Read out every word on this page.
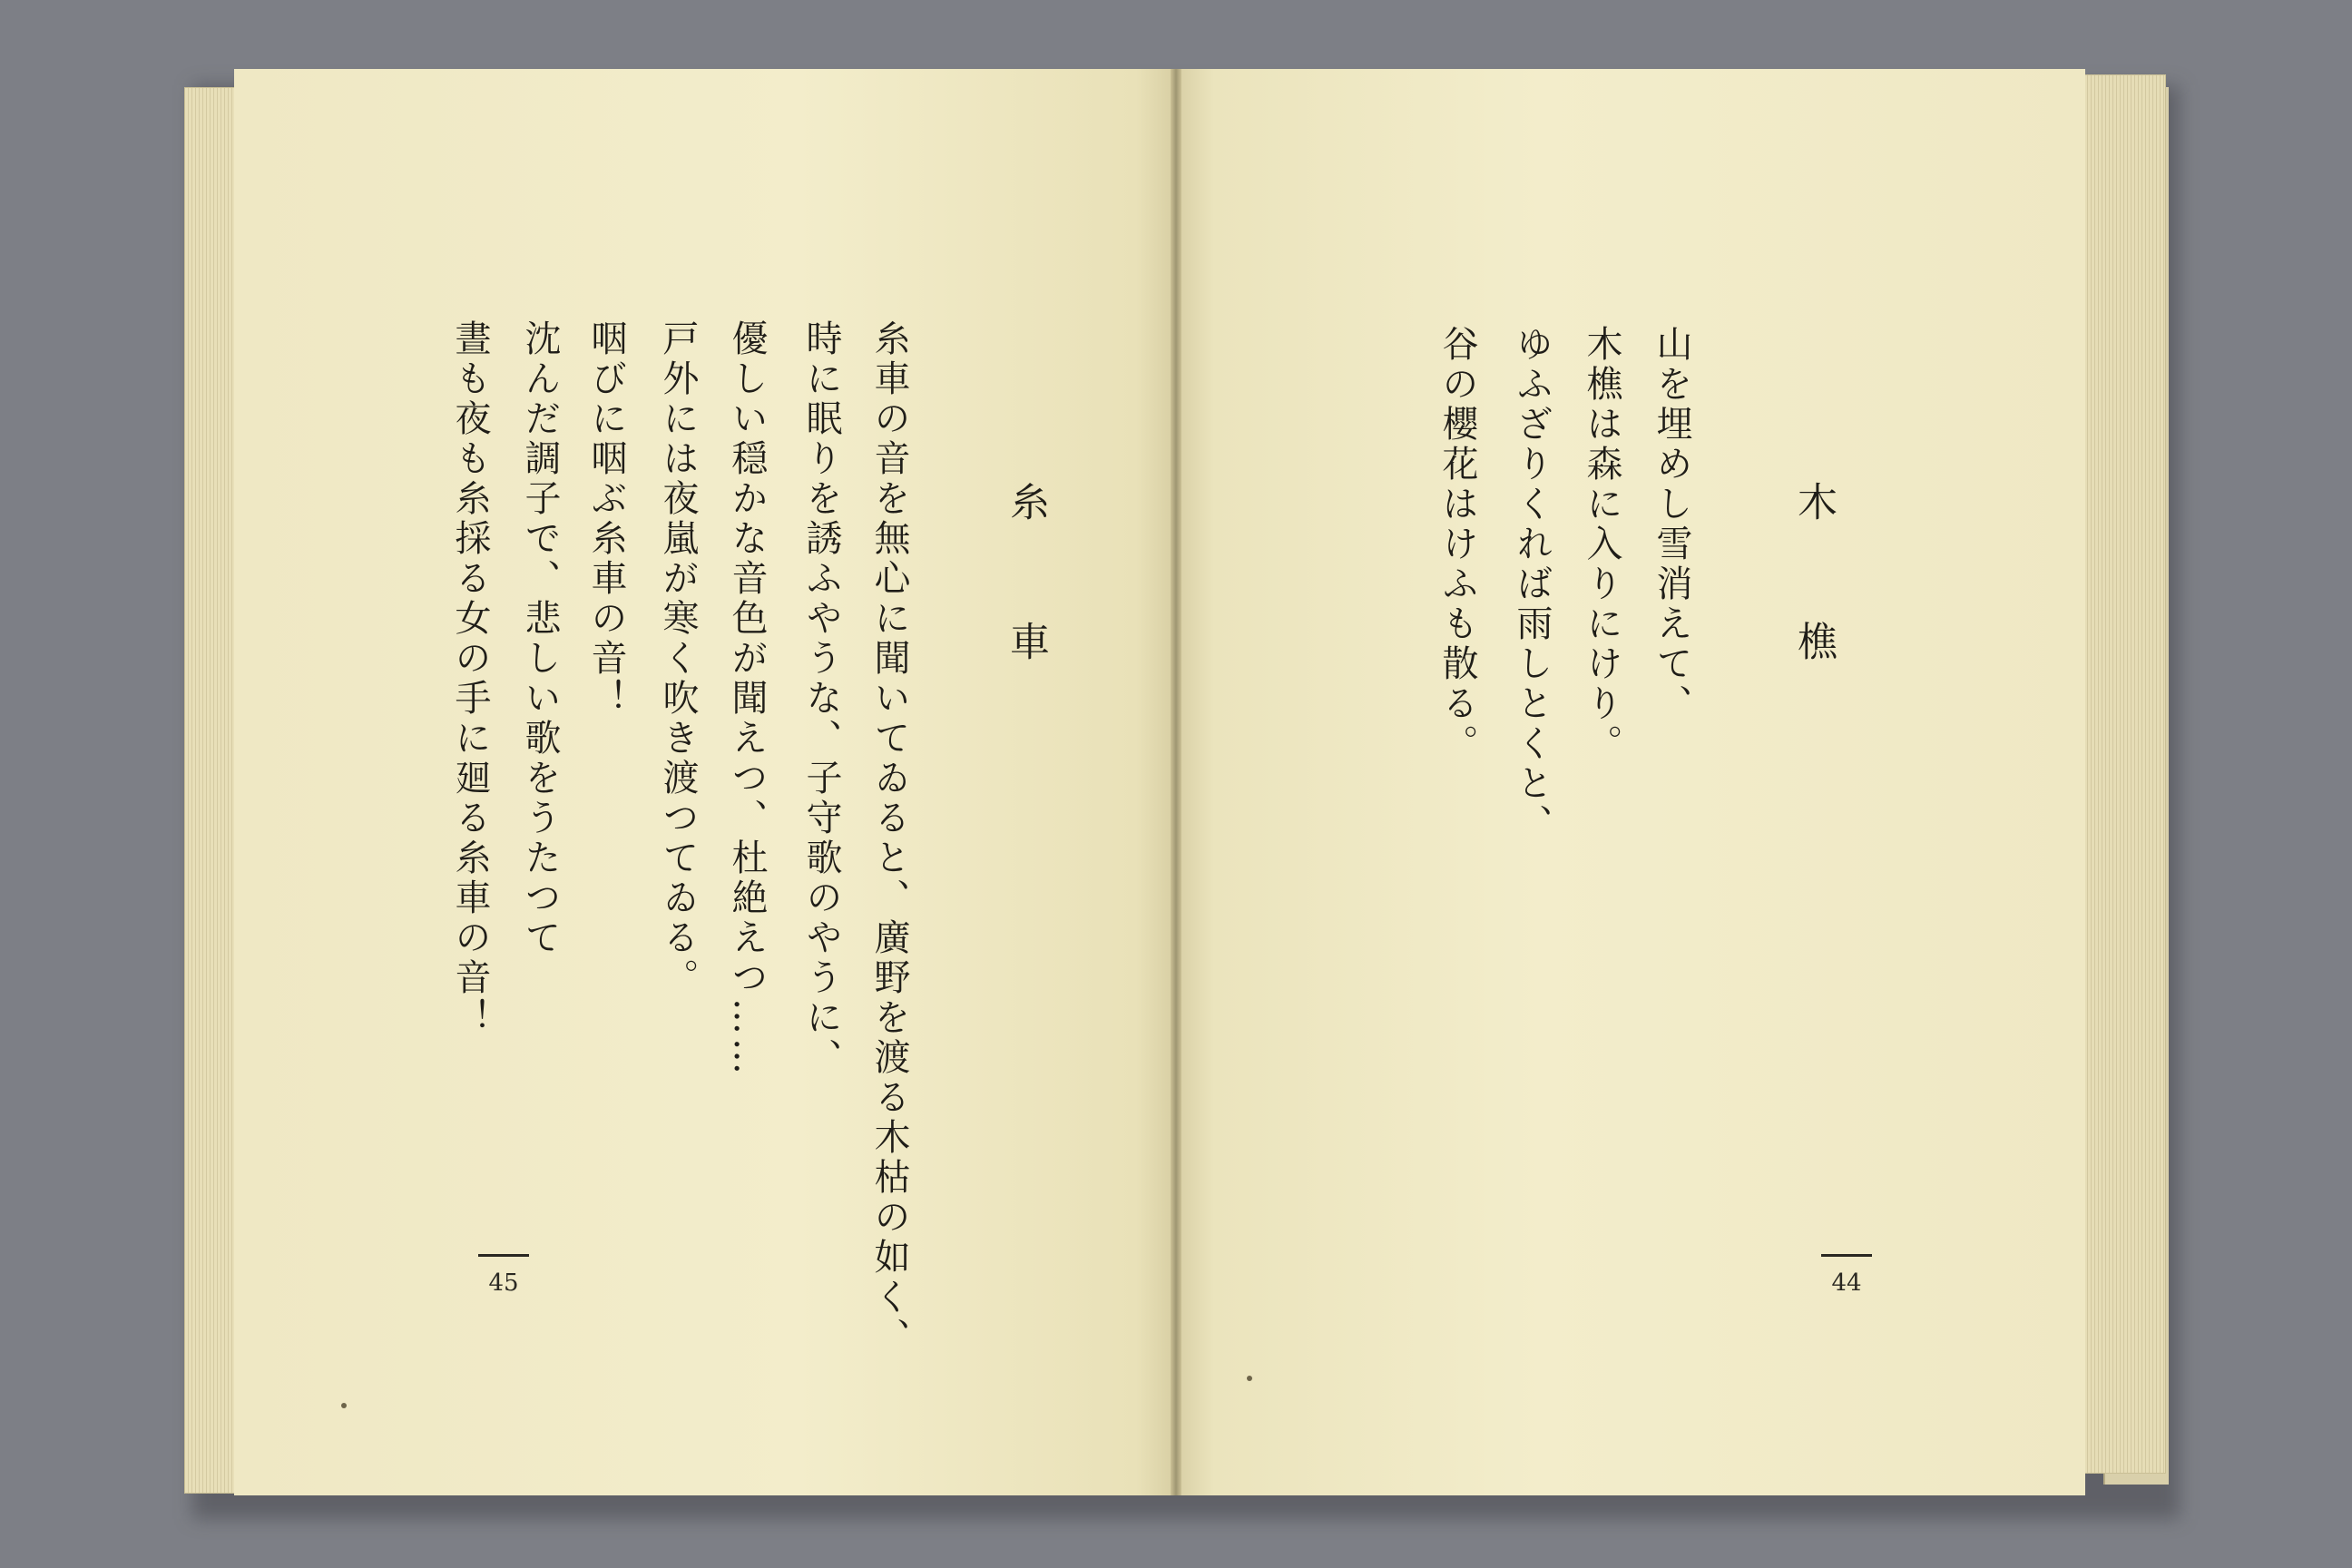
糸車
糸車の音を無心に聞いてゐると、廣野を渡る木枯の如く、
時に眠りを誘ふやうな、子守歌のやうに、
優しい穏かな音色が聞えつ、杜絶えつ……
戸外には夜嵐が寒く吹き渡つてゐる。
咽びに咽ぶ糸車の音！
沈んだ調子で、悲しい歌をうたつて
晝も夜も糸採る女の手に廻る糸車の音！
45
木樵
山を埋めし雪消えて、
木樵は森に入りにけり。
ゆふざりくれば雨しとくと、
谷の櫻花はけふも散る。
44
